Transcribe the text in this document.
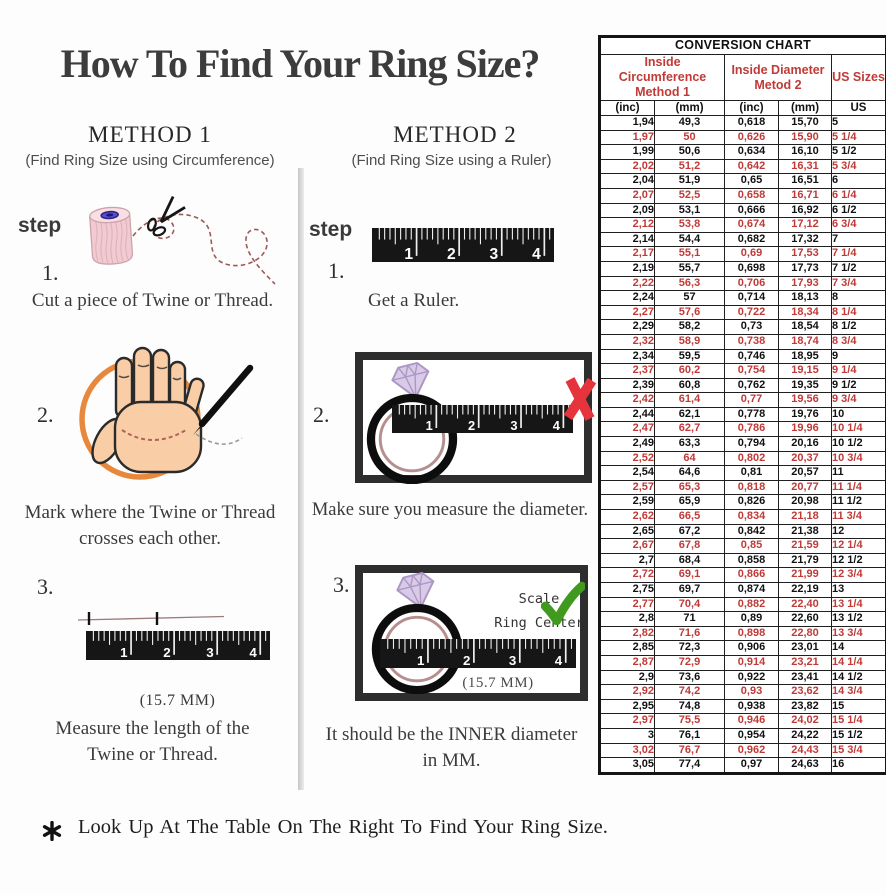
How To Find Your Ring Size?
METHOD 1
(Find Ring Size using Circumference)
METHOD 2
(Find Ring Size using a Ruler)
step
1.
Cut a piece of Twine or Thread.
2.
Mark where the Twine or Thread
crosses each other.
3.
1	2	3	4
(15.7 MM)
Measure the length of the
Twine or Thread.
step
1 2 3 4
1.
Get a Ruler.
2.	1	2	3	4
Make sure you measure the diameter.
3.
Scale
Ring Center
1	2	3	4
(15.7 MM)
It should be the INNER diameter
in MM.
Look Up At The Table On The Right To Find Your Ring Size.
CONVERSION CHART				
Inside Circumference
Method 1		Inside Diameter
Metod 2		US Sizes
(inc)	(mm)	(inc)	(mm)	US
1,94	49,3	0,618	15,70	5
1,97	50	0,626	15,90	5 1/4
1,99	50,6	0,634	16,10	5 1/2
2,02	51,2	0,642	16,31	5 3/4
2,04	51,9	0,65	16,51	6
2,07	52,5	0,658	16,71	6 1/4
2,09	53,1	0,666	16,92	6 1/2
2,12	53,8	0,674	17,12	6 3/4
2,14	54,4	0,682	17,32	7
2,17	55,1	0,69	17,53	7 1/4
2,19	55,7	0,698	17,73	7 1/2
2,22	56,3	0,706	17,93	7 3/4
2,24	57	0,714	18,13	8
2,27	57,6	0,722	18,34	8 1/4
2,29	58,2	0,73	18,54	8 1/2
2,32	58,9	0,738	18,74	8 3/4
2,34	59,5	0,746	18,95	9
2,37	60,2	0,754	19,15	9 1/4
2,39	60,8	0,762	19,35	9 1/2
2,42	61,4	0,77	19,56	9 3/4
2,44	62,1	0,778	19,76	10
2,47	62,7	0,786	19,96	10 1/4
2,49	63,3	0,794	20,16	10 1/2
2,52	64	0,802	20,37	10 3/4
2,54	64,6	0,81	20,57	11
2,57	65,3	0,818	20,77	11 1/4
2,59	65,9	0,826	20,98	11 1/2
2,62	66,5	0,834	21,18	11 3/4
2,65	67,2	0,842	21,38	12
2,67	67,8	0,85	21,59	12 1/4
2,7	68,4	0,858	21,79	12 1/2
2,72	69,1	0,866	21,99	12 3/4
2,75	69,7	0,874	22,19	13
2,77	70,4	0,882	22,40	13 1/4
2,8	71	0,89	22,60	13 1/2
2,82	71,6	0,898	22,80	13 3/4
2,85	72,3	0,906	23,01	14
2,87	72,9	0,914	23,21	14 1/4
2,9	73,6	0,922	23,41	14 1/2
2,92	74,2	0,93	23,62	14 3/4
2,95	74,8	0,938	23,82	15
2,97	75,5	0,946	24,02	15 1/4
3	76,1	0,954	24,22	15 1/2
3,02	76,7	0,962	24,43	15 3/4
3,05	77,4	0,97	24,63	16
